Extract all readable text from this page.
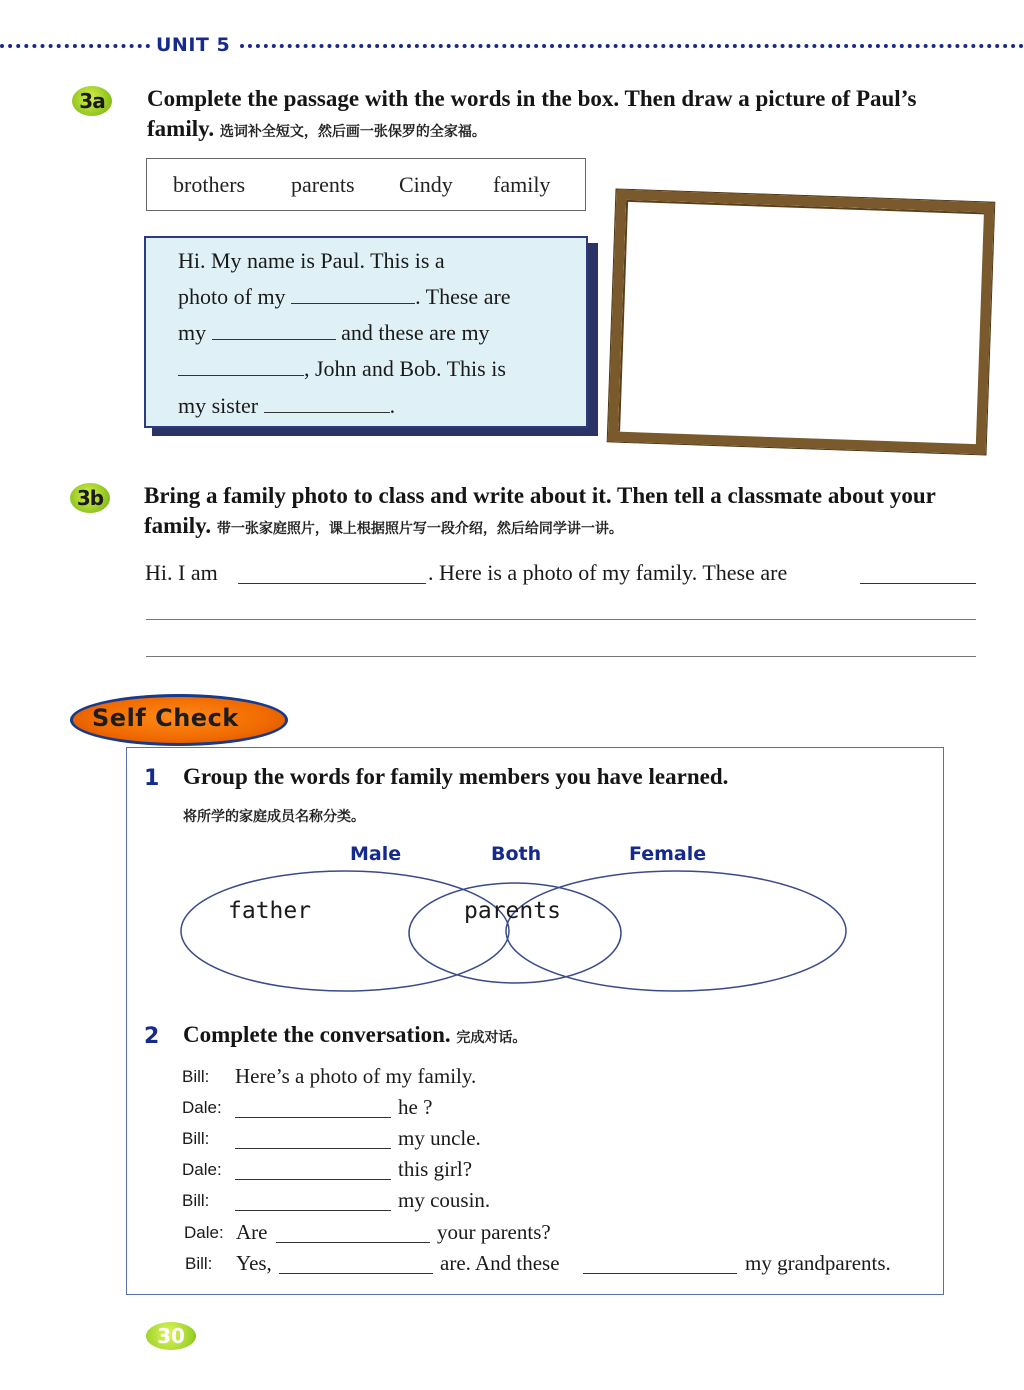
UNIT 5
3a	Complete the passage with the words in the box. Then draw a picture of Paul’s family. 选词补全短文，然后画一张保罗的全家福。
brothers parents Cindy family
Hi. My name is Paul. This is a
photo of my	. These are
my	and these are my
, John and Bob. This is
my sister	.
3b Bring a family photo to class and write about it. Then tell a classmate about your family. 带一张家庭照片，课上根据照片写一段介绍，然后给同学讲一讲。
Hi. I am	. Here is a photo of my family. These are
Self Check
1 Group the words for family members you have learned.
将所学的家庭成员名称分类。
Male	Both	Female
father	parents
2 Complete the conversation. 完成对话。
Bill: Here’s a photo of my family.
Dale:	he ?
Bill:	my uncle.
Dale:	this girl?
Bill:	my cousin.
Dale: Are	your parents?
Bill: Yes,	are. And these	my grandparents.
30
